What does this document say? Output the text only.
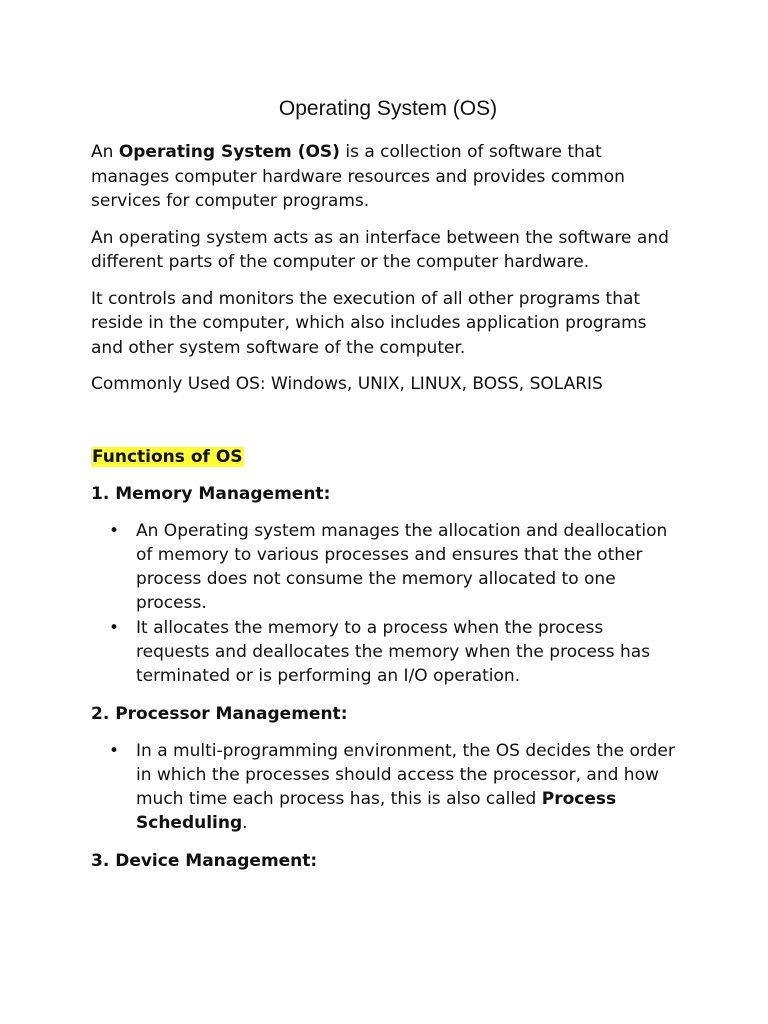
Operating System (OS)

An Operating System (OS) is a collection of software that manages computer hardware resources and provides common services for computer programs.

An operating system acts as an interface between the software and different parts of the computer or the computer hardware.

It controls and monitors the execution of all other programs that reside in the computer, which also includes application programs and other system software of the computer.

Commonly Used OS: Windows, UNIX, LINUX, BOSS, SOLARIS

Functions of OS
1. Memory Management:
• An Operating system manages the allocation and deallocation of memory to various processes and ensures that the other process does not consume the memory allocated to one process.
• It allocates the memory to a process when the process requests and deallocates the memory when the process has terminated or is performing an I/O operation.
2. Processor Management:
• In a multi-programming environment, the OS decides the order in which the processes should access the processor, and how much time each process has, this is also called Process Scheduling.
3. Device Management:
